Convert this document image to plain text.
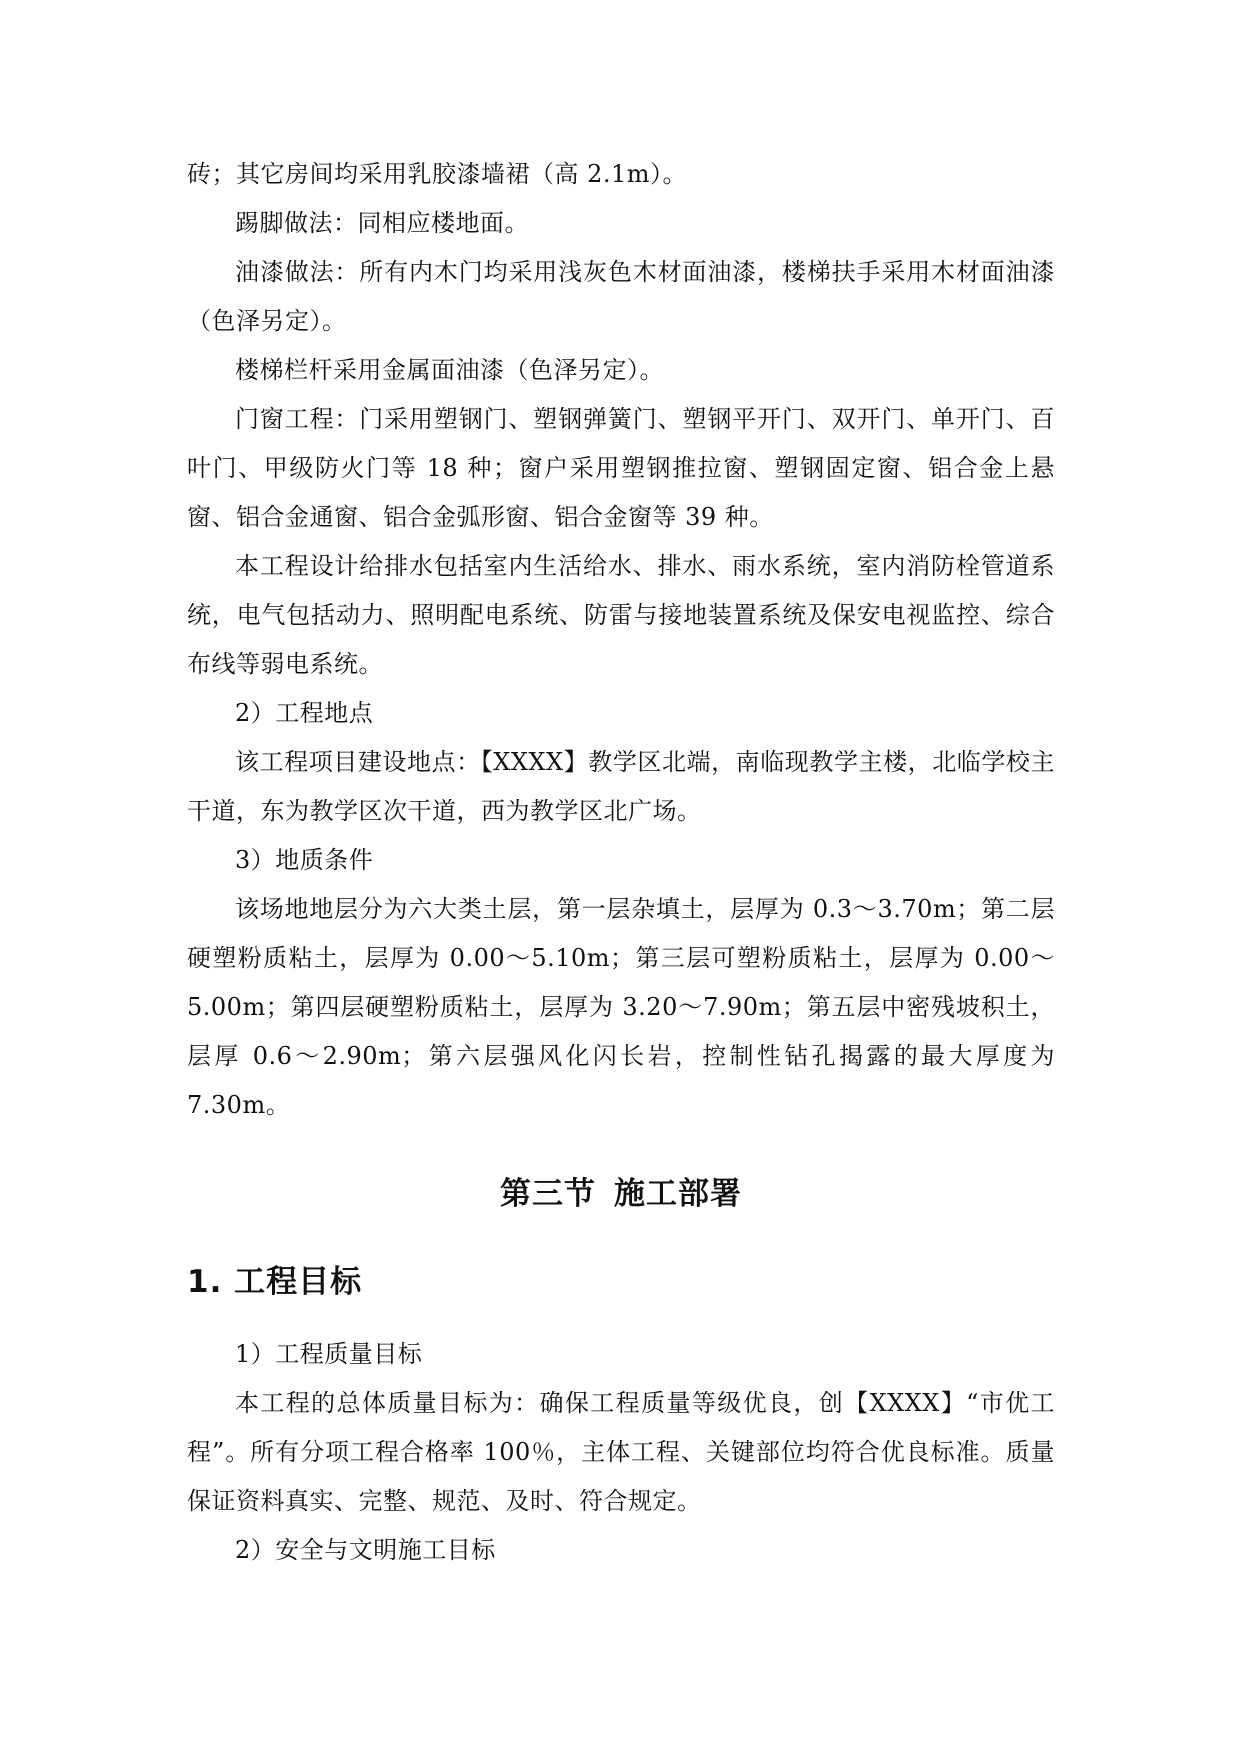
砖；其它房间均采用乳胶漆墙裙（高 2.1m）。

踢脚做法：同相应楼地面。

油漆做法：所有内木门均采用浅灰色木材面油漆，楼梯扶手采用木材面油漆（色泽另定）。

楼梯栏杆采用金属面油漆（色泽另定）。

门窗工程：门采用塑钢门、塑钢弹簧门、塑钢平开门、双开门、单开门、百叶门、甲级防火门等 18 种；窗户采用塑钢推拉窗、塑钢固定窗、铝合金上悬窗、铝合金通窗、铝合金弧形窗、铝合金窗等 39 种。

本工程设计给排水包括室内生活给水、排水、雨水系统，室内消防栓管道系统，电气包括动力、照明配电系统、防雷与接地装置系统及保安电视监控、综合布线等弱电系统。

2）工程地点

该工程项目建设地点：【XXXX】教学区北端，南临现教学主楼，北临学校主干道，东为教学区次干道，西为教学区北广场。

3）地质条件

该场地地层分为六大类土层，第一层杂填土，层厚为 0.3～3.70m；第二层硬塑粉质粘土，层厚为 0.00～5.10m；第三层可塑粉质粘土，层厚为 0.00～5.00m；第四层硬塑粉质粘土，层厚为 3.20～7.90m；第五层中密残坡积土，层厚 0.6～2.90m；第六层强风化闪长岩，控制性钻孔揭露的最大厚度为 7.30m。

第三节 施工部署
1. 工程目标

1）工程质量目标

本工程的总体质量目标为：确保工程质量等级优良，创【XXXX】“市优工程”。所有分项工程合格率 100％，主体工程、关键部位均符合优良标准。质量保证资料真实、完整、规范、及时、符合规定。

2）安全与文明施工目标
